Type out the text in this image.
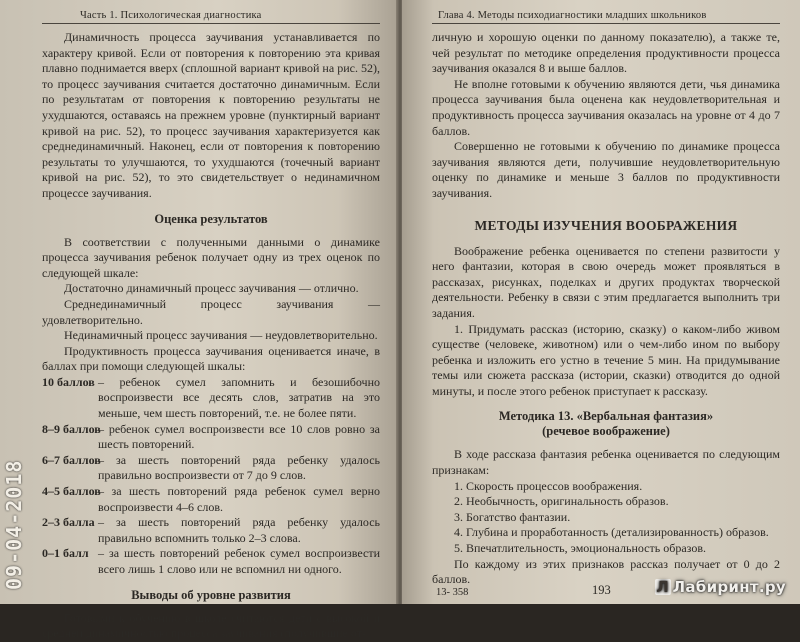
Часть 1. Психологическая диагностика

Динамичность процесса заучивания устанавливается по характеру кривой. Если от повторения к повторению эта кривая плавно поднимается вверх (сплошной вариант кривой на рис. 52), то процесс заучивания считается достаточно динамичным. Если по результатам от повторения к повторению результаты не ухудшаются, оставаясь на прежнем уровне (пунктирный вариант кривой на рис. 52), то процесс заучивания характеризуется как среднединамичный. Наконец, если от повторения к повторению результаты то улучшаются, то ухудшаются (точечный вариант кривой на рис. 52), то это свидетельствует о нединамичном процессе заучивания.

Оценка результатов

В соответствии с полученными данными о динамике процесса заучивания ребенок получает одну из трех оценок по следующей шкале:

Достаточно динамичный процесс заучивания — отлично.

Среднединамичный процесс заучивания — удовлетворительно.

Нединамичный процесс заучивания — неудовлетворительно.

Продуктивность процесса заучивания оценивается иначе, в баллах при помощи следующей шкалы:

10 баллов – ребенок сумел запомнить и безошибочно воспроизвести все десять слов, затратив на это меньше, чем шесть повторений, т.е. не более пяти.
8–9 баллов
– ребенок сумел воспроизвести все 10 слов ровно за шесть повторений.
6–7 баллов
– за шесть повторений ряда ребенку удалось правильно воспроизвести от 7 до 9 слов.
4–5 баллов
– за шесть повторений ряда ребенок сумел верно воспроизвести 4–6 слов.
2–3 балла – за шесть повторений ряда ребенку удалось правильно вспомнить только 2–3 слова.
0–1 балл – за шесть повторений ребенок сумел воспроизвести всего лишь 1 слово или не вспомнил ни одного.
Выводы об уровне развития

Готовыми к обучению в школе считаются дети с высокой и средней динамичностью процесса заучивания (получившие от-

Глава 4. Методы психодиагностики младших школьников

личную и хорошую оценки по данному показателю), а также те, чей результат по методике определения продуктивности процесса заучивания оказался 8 и выше баллов.

Не вполне готовыми к обучению являются дети, чья динамика процесса заучивания была оценена как неудовлетворительная и продуктивность процесса заучивания оказалась на уровне от 4 до 7 баллов.

Совершенно не готовыми к обучению по динамике процесса заучивания являются дети, получившие неудовлетворительную оценку по динамике и меньше 3 баллов по продуктивности заучивания.

МЕТОДЫ ИЗУЧЕНИЯ ВООБРАЖЕНИЯ

Воображение ребенка оценивается по степени развитости у него фантазии, которая в свою очередь может проявляться в рассказах, рисунках, поделках и других продуктах творческой деятельности. Ребенку в связи с этим предлагается выполнить три задания.

1. Придумать рассказ (историю, сказку) о каком-либо живом существе (человеке, животном) или о чем-либо ином по выбору ребенка и изложить его устно в течение 5 мин. На придумывание темы или сюжета рассказа (истории, сказки) отводится до одной минуты, и после этого ребенок приступает к рассказу.

Методика 13. «Вербальная фантазия»
(речевое воображение)

В ходе рассказа фантазия ребенка оценивается по следующим признакам:

1. Скорость процессов воображения.

2. Необычность, оригинальность образов.

3. Богатство фантазии.

4. Глубина и проработанность (детализированность) образов.

5. Впечатлительность, эмоциональность образов.

По каждому из этих признаков рассказ получает от 0 до 2 баллов.

13- 358	193	Л Лабиринт.ру
09-04-2018
